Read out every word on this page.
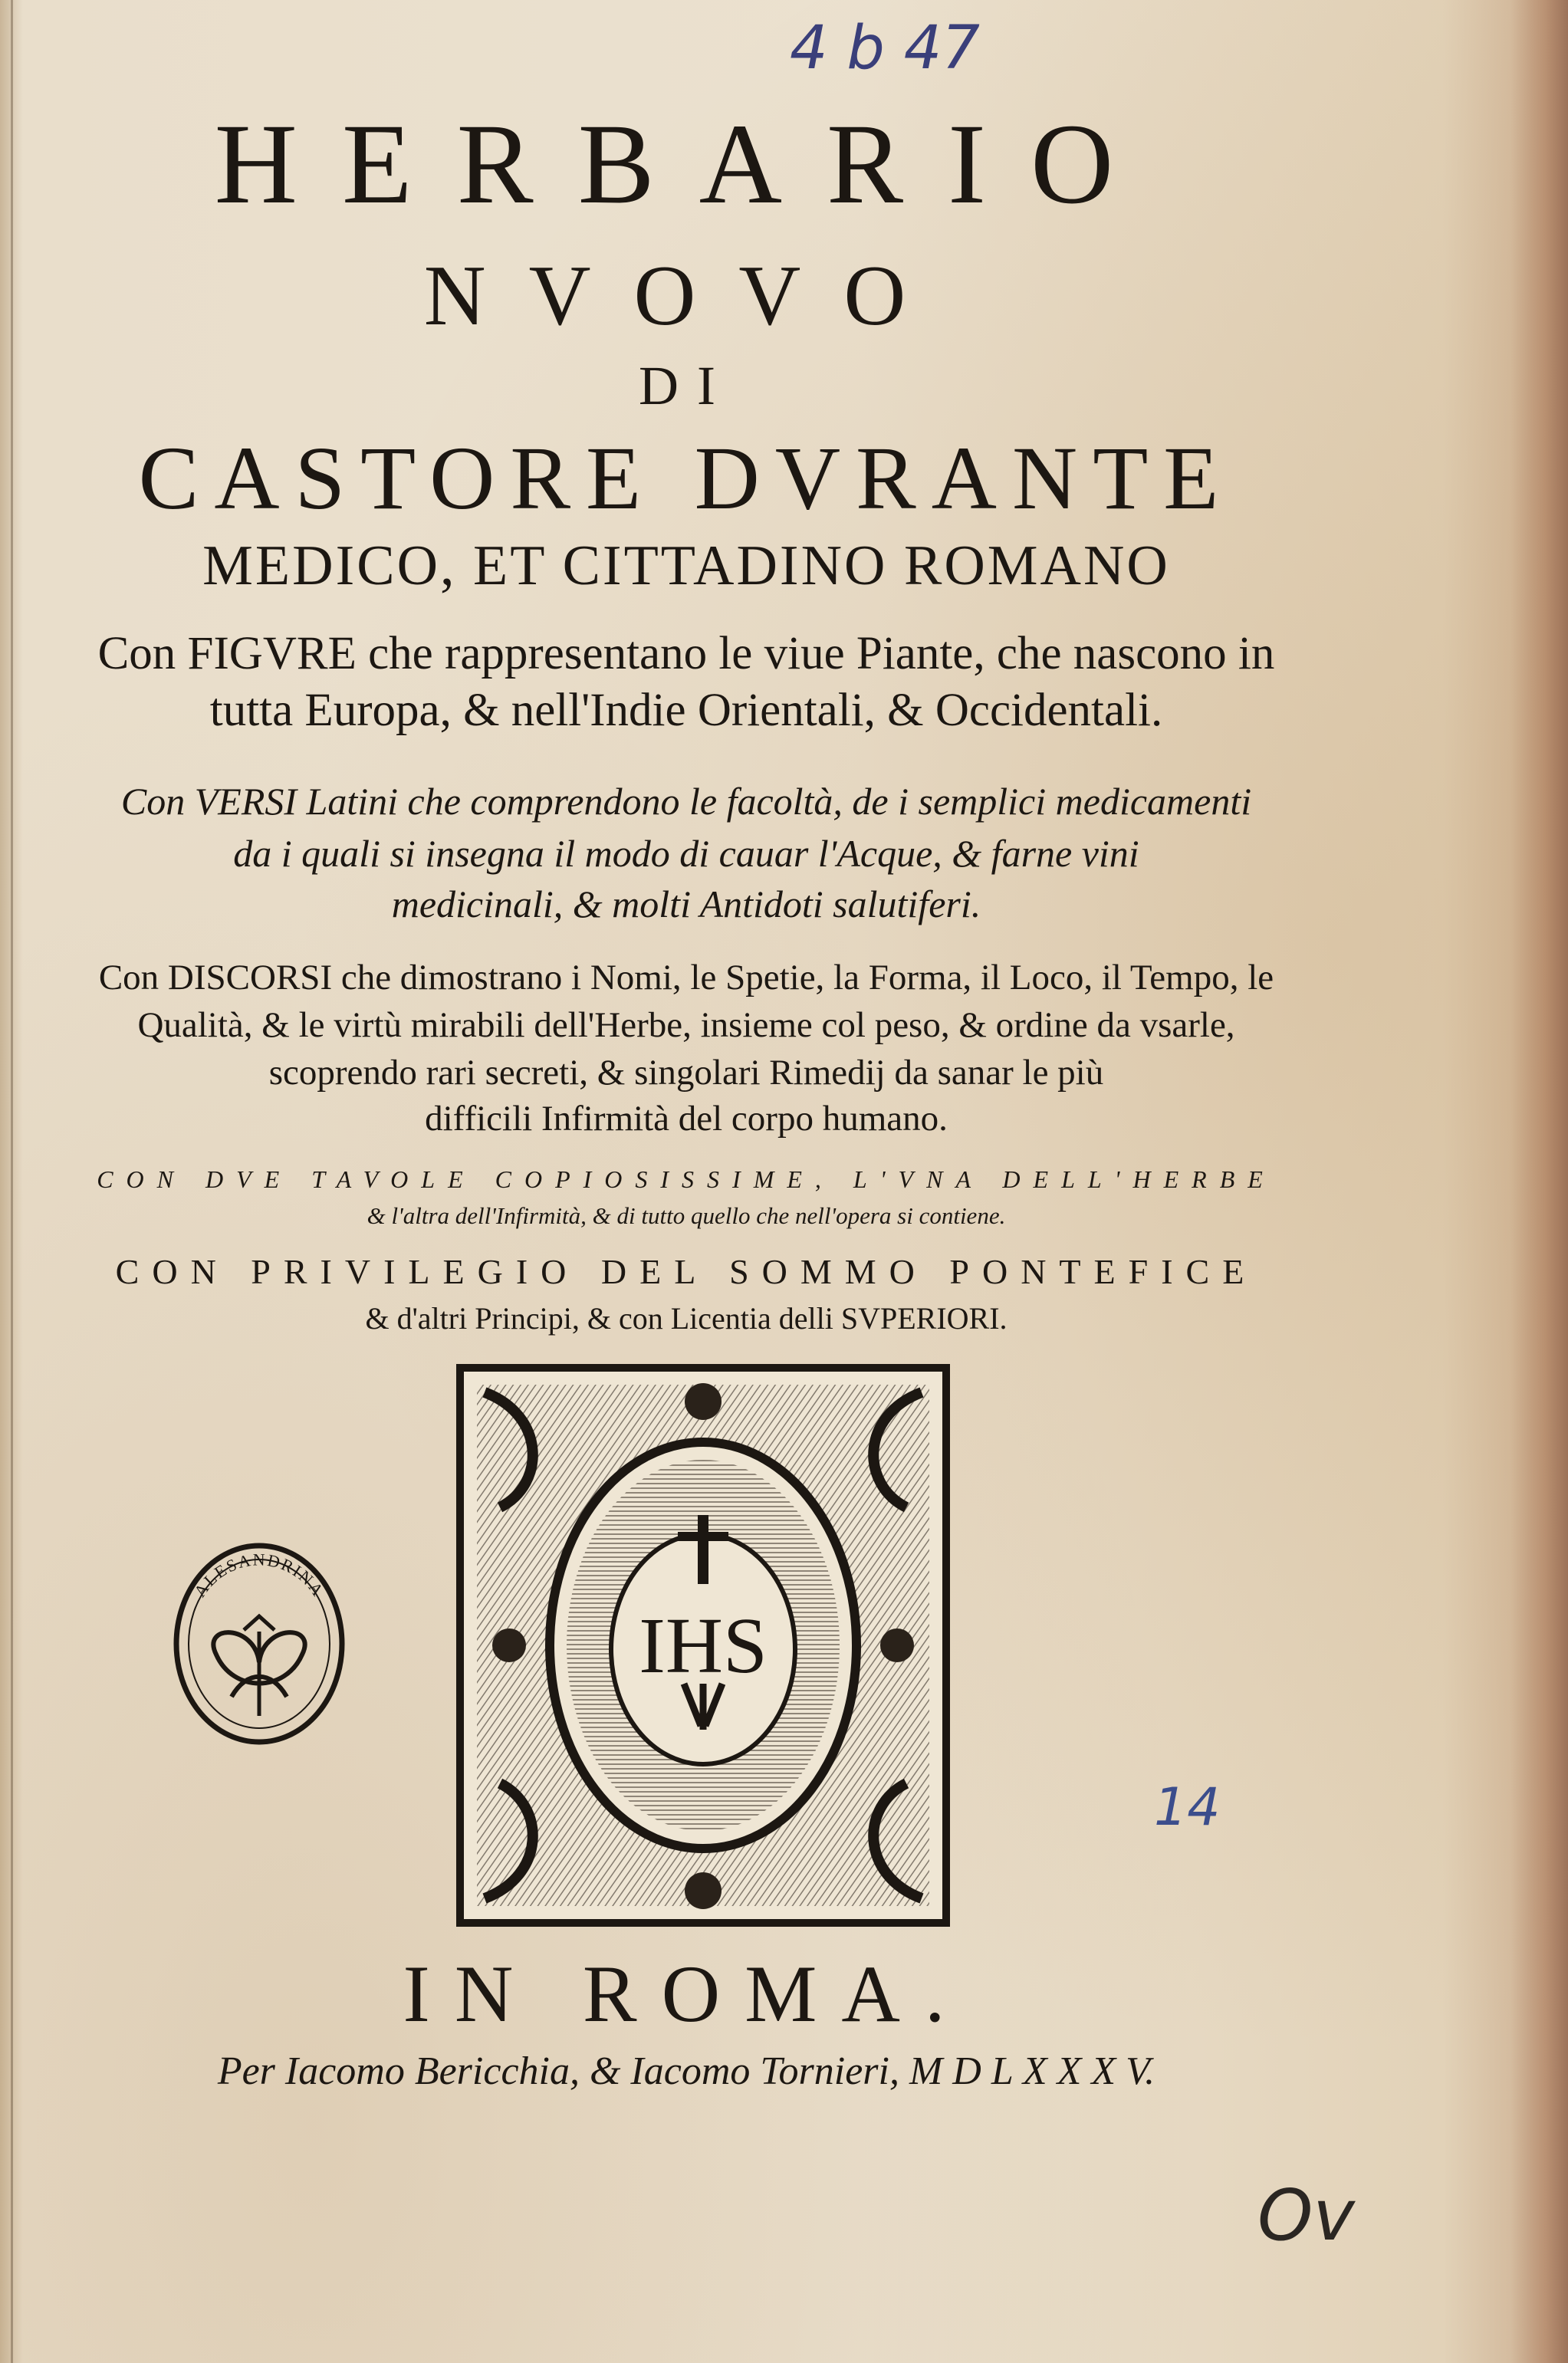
4 b 47
HERBARIO
NVOVO
DI
CASTORE DVRANTE
MEDICO, ET CITTADINO ROMANO
Con FIGVRE che rappresentano le viue Piante, che nascono in
tutta Europa, & nell'Indie Orientali, & Occidentali.
Con VERSI Latini che comprendono le facoltà, de i semplici medicamenti
da i quali si insegna il modo di cauar l'Acque, & farne vini
medicinali, & molti Antidoti salutiferi.
Con DISCORSI che dimostrano i Nomi, le Spetie, la Forma, il Loco, il Tempo, le
Qualità, & le virtù mirabili dell'Herbe, insieme col peso, & ordine da vsarle,
scoprendo rari secreti, & singolari Rimedij da sanar le più
difficili Infirmità del corpo humano.
CON DVE TAVOLE COPIOSISSIME, L'VNA DELL'HERBE
& l'altra dell'Infirmità, & di tutto quello che nell'opera si contiene.
CON PRIVILEGIO DEL SOMMO PONTEFICE
& d'altri Principi, & con Licentia delli SVPERIORI.
ALESANDRINA
IHS
14
IN ROMA.
Per Iacomo Bericchia, & Iacomo Tornieri, M D L X X X V.
Ov
